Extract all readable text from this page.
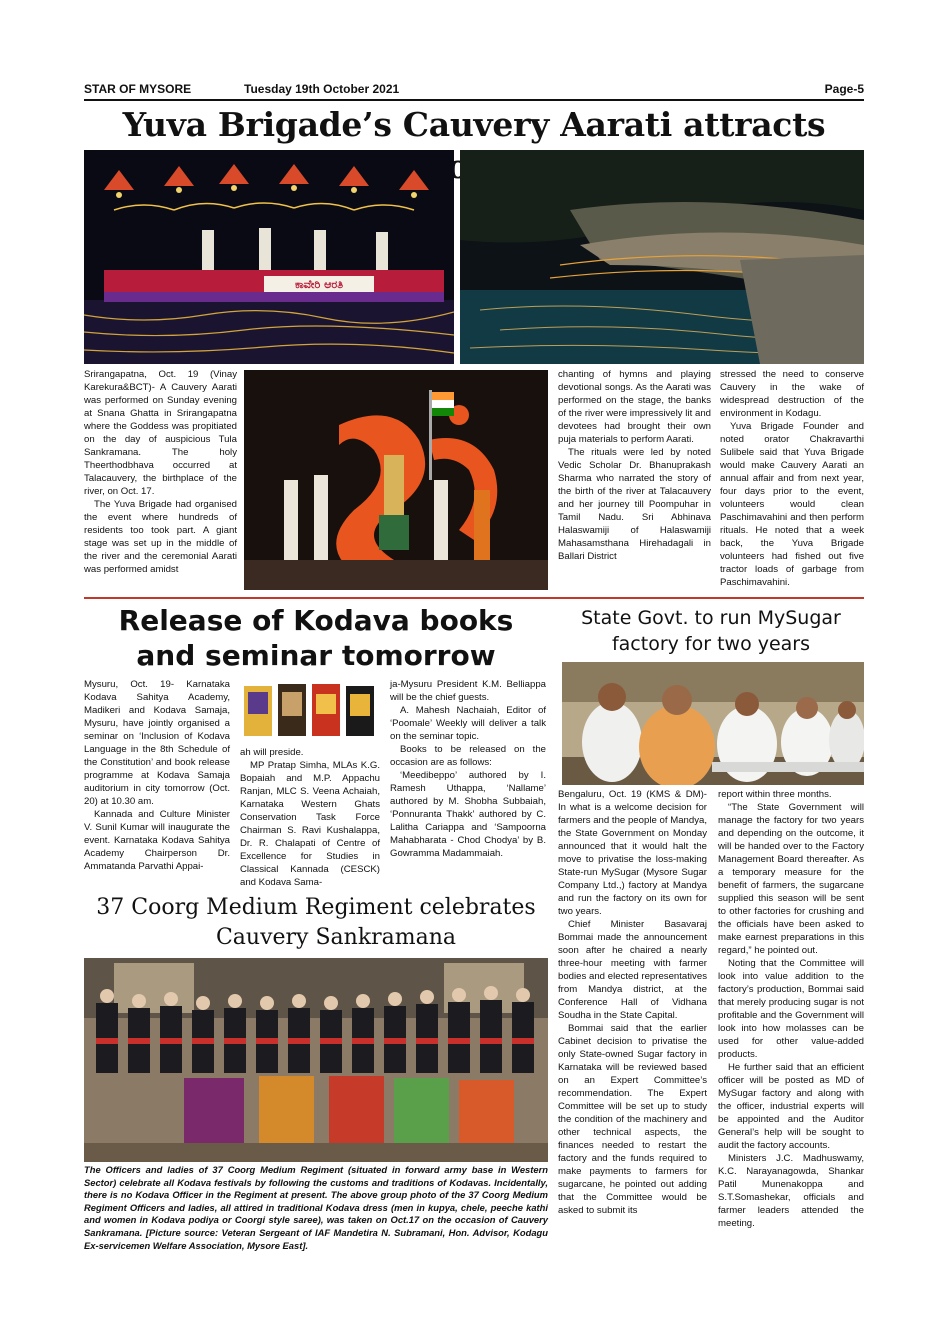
STAR OF MYSORE	Tuesday 19th October 2021	Page-5
Yuva Brigade’s Cauvery Aarati attracts
ಕಾವೇರಿ ಆರತಿ

Srirangapatna, Oct. 19 (Vinay Karekura&BCT)- A Cauvery Aarati was performed on Sunday evening at Snana Ghatta in Srirangapatna where the Goddess was propitiated on the day of auspicious Tula Sankramana. The holy Theerthodbhava occurred at Talacauvery, the birthplace of the river, on Oct. 17.

The Yuva Brigade had organised the event where hundreds of residents too took part. A giant stage was set up in the middle of the river and the ceremonial Aarati was performed amidst

chanting of hymns and playing devotional songs. As the Aarati was performed on the stage, the banks of the river were impressively lit and devotees had brought their own puja materials to perform Aarati.

The rituals were led by noted Vedic Scholar Dr. Bhanuprakash Sharma who narrated the story of the birth of the river at Talacauvery and her journey till Poompuhar in Tamil Nadu. Sri Abhinava Halaswamiji of Halaswamiji Mahasamsthana Hirehadagali in Ballari District

stressed the need to conserve Cauvery in the wake of widespread destruction of the environment in Kodagu.

Yuva Brigade Founder and noted orator Chakravarthi Sulibele said that Yuva Brigade would make Cauvery Aarati an annual affair and from next year, four days prior to the event, volunteers would clean Paschimavahini and then perform rituals. He noted that a week back, the Yuva Brigade volunteers had fished out five tractor loads of garbage from Paschimavahini.

Release of Kodava books
and seminar tomorrow

Mysuru, Oct. 19- Karnataka Kodava Sahitya Academy, Madikeri and Kodava Samaja, Mysuru, have jointly organised a seminar on ‘Inclusion of Kodava Language in the 8th Schedule of the Constitution’ and book release programme at Kodava Samaja auditorium in city tomorrow (Oct. 20) at 10.30 am.

Kannada and Culture Minister V. Sunil Kumar will inaugurate the event. Karnataka Kodava Sahitya Academy Chairperson Dr. Ammatanda Parvathi Appai-

ah will preside.

MP Pratap Simha, MLAs K.G. Bopaiah and M.P. Appachu Ranjan, MLC S. Veena Achaiah, Karnataka Western Ghats Conservation Task Force Chairman S. Ravi Kushalappa, Dr. R. Chalapati of Centre of Excellence for Studies in Classical Kannada (CESCK) and Kodava Sama-

ja-Mysuru President K.M. Belliappa will be the chief guests.

A. Mahesh Nachaiah, Editor of ‘Poomale’ Weekly will deliver a talk on the seminar topic.

Books to be released on the occasion are as follows:

‘Meedibeppo’ authored by I. Ramesh Uthappa, ‘Nallame’ authored by M. Shobha Subbaiah, ‘Ponnuranta Thakk’ authored by C. Lalitha Cariappa and ‘Sampoorna Mahabharata - Chod Chodya’ by B. Gowramma Madammaiah.

37 Coorg Medium Regiment celebrates
Cauvery Sankramana
The Officers and ladies of 37 Coorg Medium Regiment (situated in forward army base in Western Sector) celebrate all Kodava festivals by following the customs and traditions of Kodavas. Incidentally, there is no Kodava Officer in the Regiment at present. The above group photo of the 37 Coorg Medium Regiment Officers and ladies, all attired in traditional Kodava dress (men in kupya, chele, peeche kathi and women in Kodava podiya or Coorgi style saree), was taken on Oct.17 on the occasion of Cauvery Sankramana. [Picture source: Veteran Sergeant of IAF Mandetira N. Subramani, Hon. Advisor, Kodagu Ex-servicemen Welfare Association, Mysore East].
State Govt. to run MySugar
factory for two years

Bengaluru, Oct. 19 (KMS & DM)- In what is a welcome decision for farmers and the people of Mandya, the State Government on Monday announced that it would halt the move to privatise the loss-making State-run MySugar (Mysore Sugar Company Ltd.,) factory at Mandya and run the factory on its own for two years.

Chief Minister Basavaraj Bommai made the announcement soon after he chaired a nearly three-hour meeting with farmer bodies and elected representatives from Mandya district, at the Conference Hall of Vidhana Soudha in the State Capital.

Bommai said that the earlier Cabinet decision to privatise the only State-owned Sugar factory in Karnataka will be reviewed based on an Expert Committee’s recommendation. The Expert Committee will be set up to study the condition of the machinery and other technical aspects, the finances needed to restart the factory and the funds required to make payments to farmers for sugarcane, he pointed out adding that the Committee would be asked to submit its

report within three months.

“The State Government will manage the factory for two years and depending on the outcome, it will be handed over to the Factory Management Board thereafter. As a temporary measure for the benefit of farmers, the sugarcane supplied this season will be sent to other factories for crushing and the officials have been asked to make earnest preparations in this regard,” he pointed out.

Noting that the Committee will look into value addition to the factory’s production, Bommai said that merely producing sugar is not profitable and the Government will look into how molasses can be used for other value-added products.

He further said that an efficient officer will be posted as MD of MySugar factory and along with the officer, industrial experts will be appointed and the Auditor General’s help will be sought to audit the factory accounts.

Ministers J.C. Madhuswamy, K.C. Narayanagowda, Shankar Patil Munenakoppa and S.T.Somashekar, officials and farmer leaders attended the meeting.
